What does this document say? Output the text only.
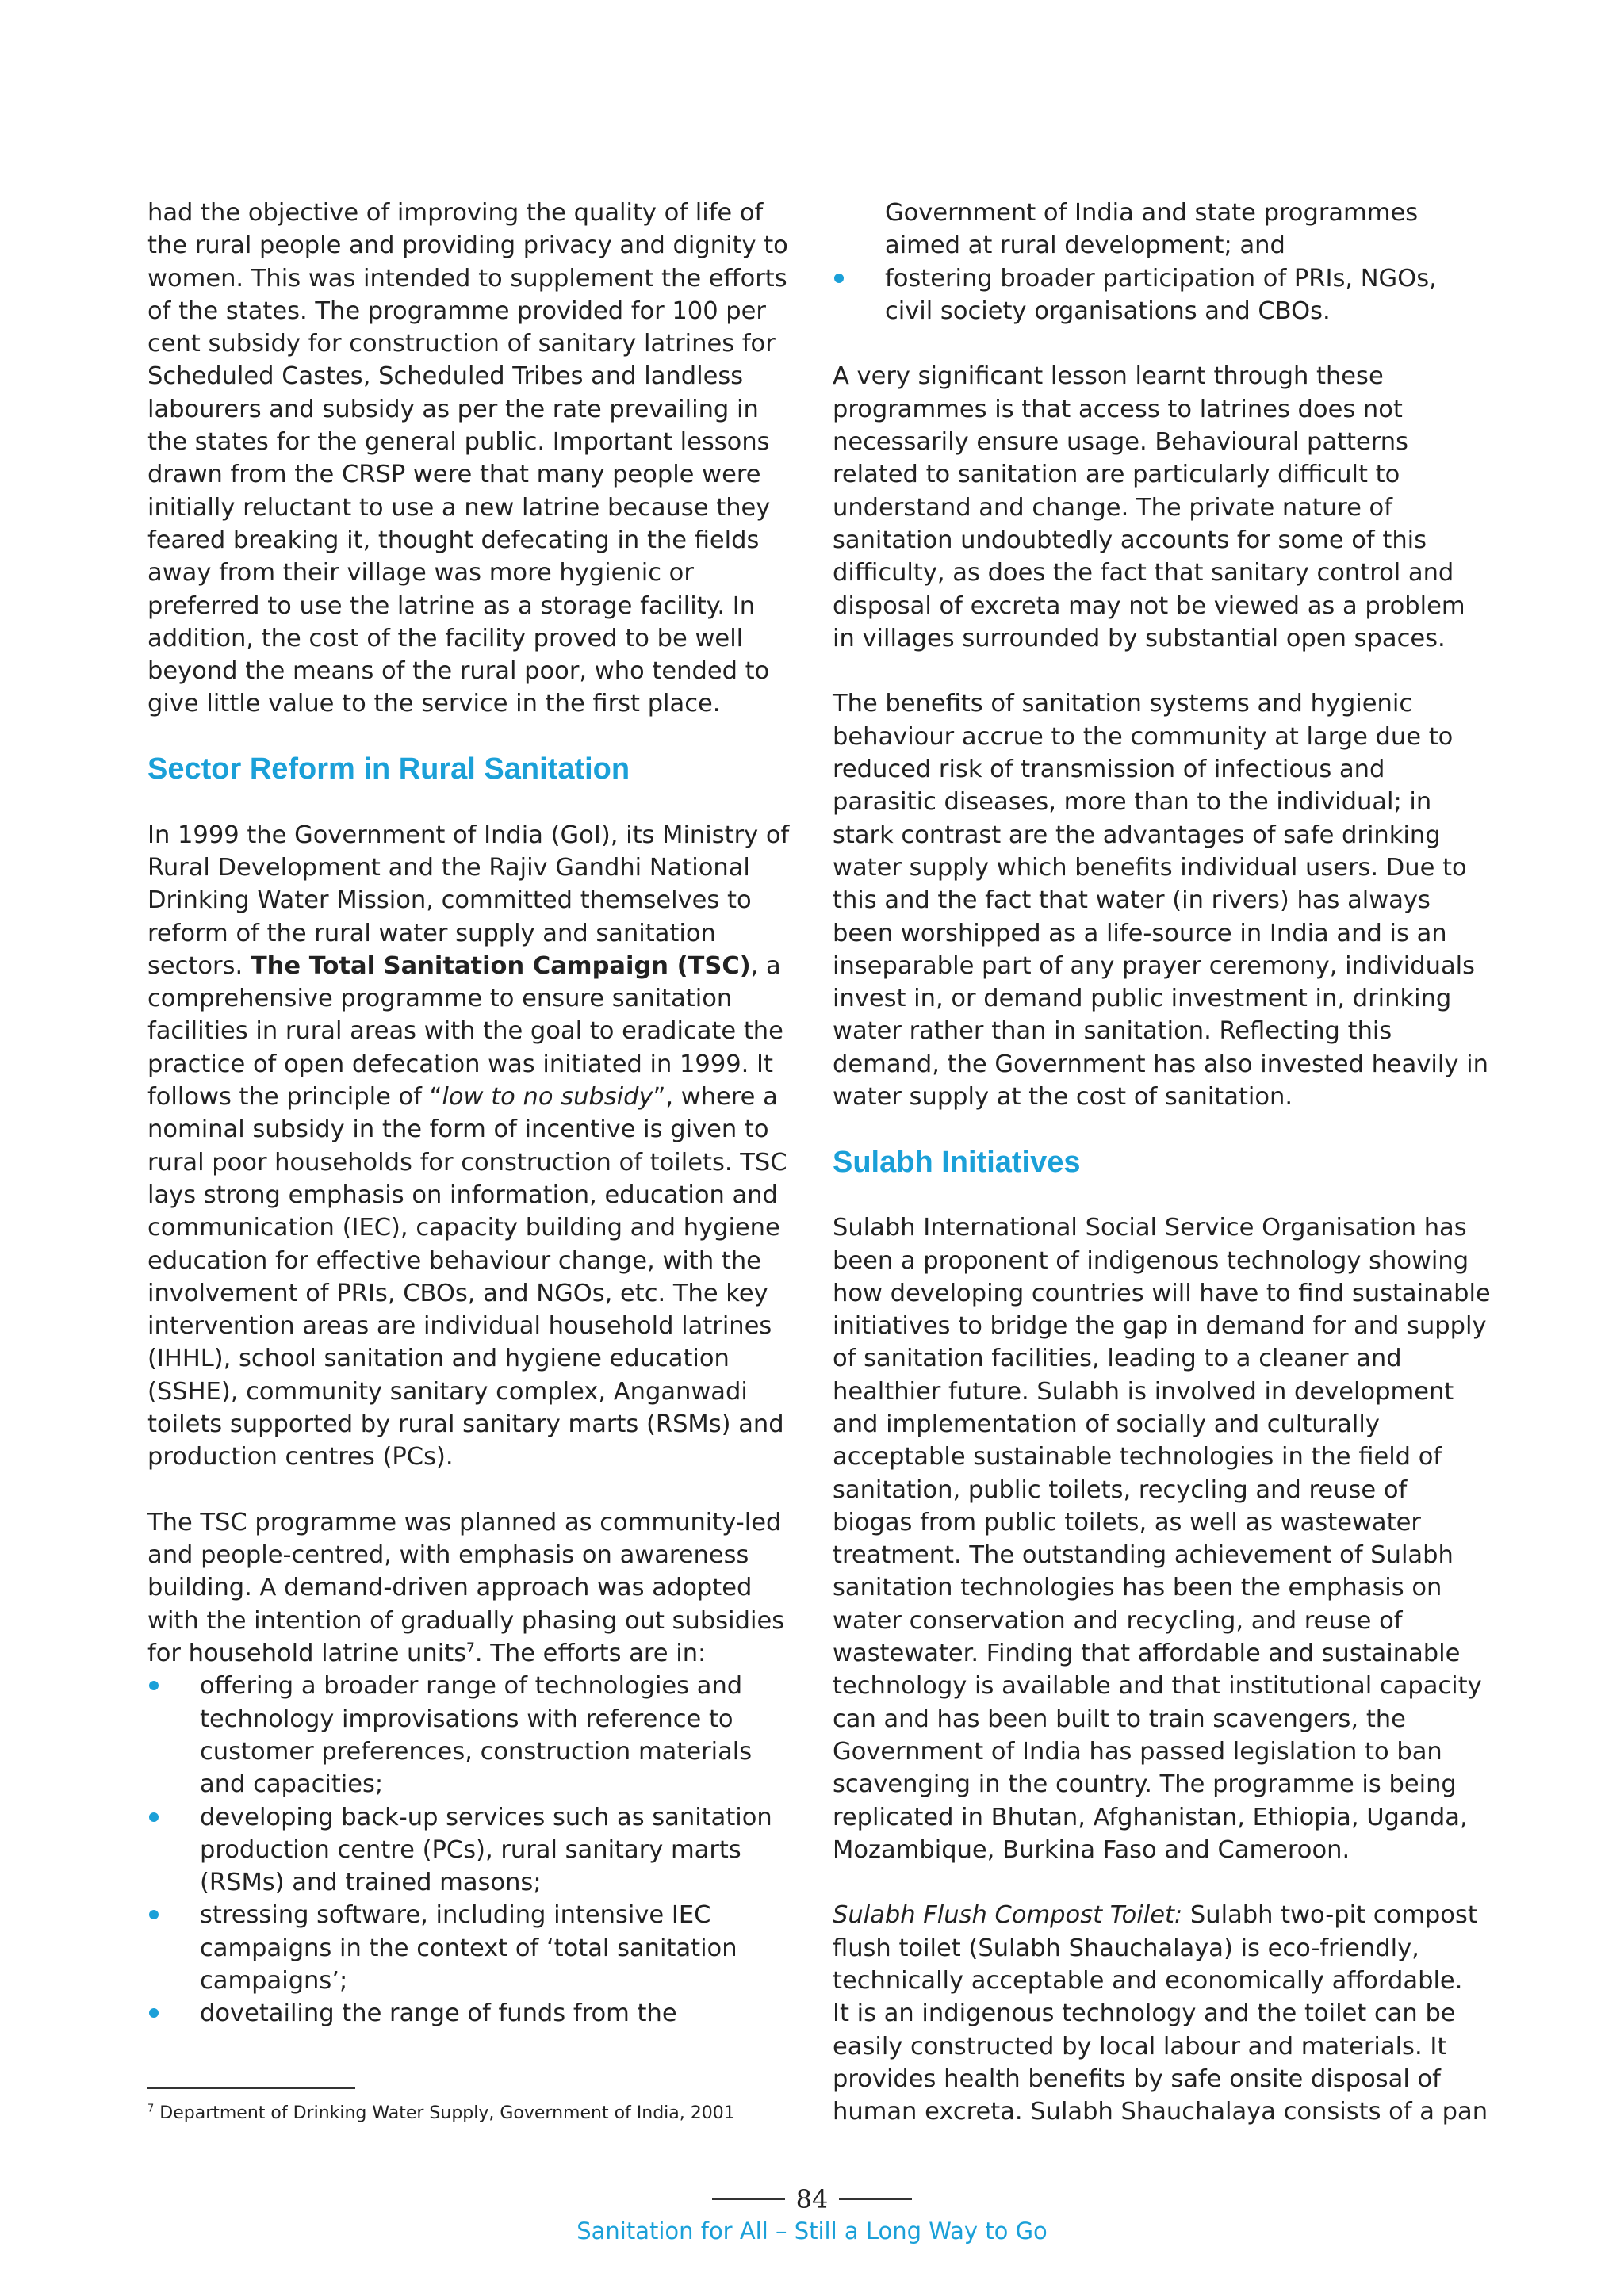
had the objective of improving the quality of life of the rural people and providing privacy and dignity to women. This was intended to supplement the efforts of the states. The programme provided for 100 per cent subsidy for construction of sanitary latrines for Scheduled Castes, Scheduled Tribes and landless labourers and subsidy as per the rate prevailing in the states for the general public. Important lessons drawn from the CRSP were that many people were initially reluctant to use a new latrine because they feared breaking it, thought defecating in the fields away from their village was more hygienic or preferred to use the latrine as a storage facility. In addition, the cost of the facility proved to be well beyond the means of the rural poor, who tended to give little value to the service in the first place.

Sector Reform in Rural Sanitation

In 1999 the Government of India (GoI), its Ministry of Rural Development and the Rajiv Gandhi National Drinking Water Mission, committed themselves to reform of the rural water supply and sanitation sectors. The Total Sanitation Campaign (TSC), a comprehensive programme to ensure sanitation facilities in rural areas with the goal to eradicate the practice of open defecation was initiated in 1999. It follows the principle of “low to no subsidy”, where a nominal subsidy in the form of incentive is given to rural poor households for construction of toilets. TSC lays strong emphasis on information, education and communication (IEC), capacity building and hygiene education for effective behaviour change, with the involvement of PRIs, CBOs, and NGOs, etc. The key intervention areas are individual household latrines (IHHL), school sanitation and hygiene education (SSHE), community sanitary complex, Anganwadi toilets supported by rural sanitary marts (RSMs) and production centres (PCs).

The TSC programme was planned as community-led and people-centred, with emphasis on awareness building. A demand-driven approach was adopted with the intention of gradually phasing out subsidies for household latrine units$^7$. The efforts are in:

offering a broader range of technologies and technology improvisations with reference to customer preferences, construction materials and capacities;
developing back-up services such as sanitation production centre (PCs), rural sanitary marts (RSMs) and trained masons;
stressing software, including intensive IEC campaigns in the context of ‘total sanitation campaigns’;
dovetailing the range of funds from the

Government of India and state programmes aimed at rural development; and

fostering broader participation of PRIs, NGOs, civil society organisations and CBOs.

A very significant lesson learnt through these programmes is that access to latrines does not necessarily ensure usage. Behavioural patterns related to sanitation are particularly difficult to understand and change. The private nature of sanitation undoubtedly accounts for some of this difficulty, as does the fact that sanitary control and disposal of excreta may not be viewed as a problem in villages surrounded by substantial open spaces.

The benefits of sanitation systems and hygienic behaviour accrue to the community at large due to reduced risk of transmission of infectious and parasitic diseases, more than to the individual; in stark contrast are the advantages of safe drinking water supply which benefits individual users. Due to this and the fact that water (in rivers) has always been worshipped as a life-source in India and is an inseparable part of any prayer ceremony, individuals invest in, or demand public investment in, drinking water rather than in sanitation. Reflecting this demand, the Government has also invested heavily in water supply at the cost of sanitation.

Sulabh Initiatives

Sulabh International Social Service Organisation has been a proponent of indigenous technology showing how developing countries will have to find sustainable initiatives to bridge the gap in demand for and supply of sanitation facilities, leading to a cleaner and healthier future. Sulabh is involved in development and implementation of socially and culturally acceptable sustainable technologies in the field of sanitation, public toilets, recycling and reuse of biogas from public toilets, as well as wastewater treatment. The outstanding achievement of Sulabh sanitation technologies has been the emphasis on water conservation and recycling, and reuse of wastewater. Finding that affordable and sustainable technology is available and that institutional capacity can and has been built to train scavengers, the Government of India has passed legislation to ban scavenging in the country. The programme is being replicated in Bhutan, Afghanistan, Ethiopia, Uganda, Mozambique, Burkina Faso and Cameroon.

Sulabh Flush Compost Toilet: Sulabh two-pit compost flush toilet (Sulabh Shauchalaya) is eco-friendly, technically acceptable and economically affordable.

It is an indigenous technology and the toilet can be easily constructed by local labour and materials. It provides health benefits by safe onsite disposal of human excreta. Sulabh Shauchalaya consists of a pan

$^7$ Department of Drinking Water Supply, Government of India, 2001
84
Sanitation for All – Still a Long Way to Go
